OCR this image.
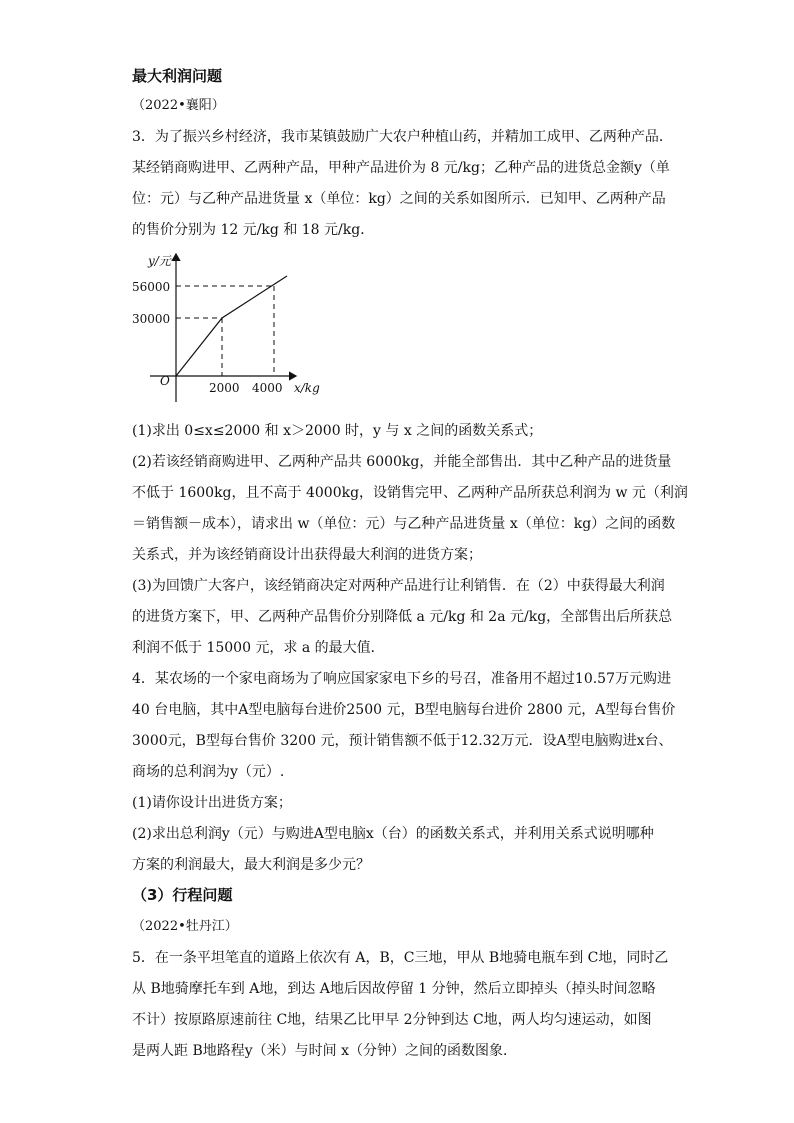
最大利润问题
（2022•襄阳）
3．为了振兴乡村经济，我市某镇鼓励广大农户种植山药，并精加工成甲、乙两种产品．
某经销商购进甲、乙两种产品，甲种产品进价为 8 元/kg；乙种产品的进货总金额y（单
位：元）与乙种产品进货量 x（单位：kg）之间的关系如图所示．已知甲、乙两种产品
的售价分别为 12 元/kg 和 18 元/kg．
y/元
56000
30000
O	2000 4000 x/kg
(1)求出 0≤x≤2000 和 x＞2000 时，y 与 x 之间的函数关系式；
(2)若该经销商购进甲、乙两种产品共 6000kg，并能全部售出．其中乙种产品的进货量
不低于 1600kg，且不高于 4000kg，设销售完甲、乙两种产品所获总利润为 w 元（利润
＝销售额－成本），请求出 w（单位：元）与乙种产品进货量 x（单位：kg）之间的函数
关系式，并为该经销商设计出获得最大利润的进货方案；
(3)为回馈广大客户，该经销商决定对两种产品进行让利销售．在（2）中获得最大利润
的进货方案下，甲、乙两种产品售价分别降低 a 元/kg 和 2a 元/kg，全部售出后所获总
利润不低于 15000 元，求 a 的最大值．
4．某农场的一个家电商场为了响应国家家电下乡的号召，准备用不超过10.57万元购进
40 台电脑，其中A型电脑每台进价2500 元，B型电脑每台进价 2800 元，A型每台售价
3000元，B型每台售价 3200 元，预计销售额不低于12.32万元．设A型电脑购进x台、
商场的总利润为y（元）.
(1)请你设计出进货方案；
(2)求出总利润y（元）与购进A型电脑x（台）的函数关系式，并利用关系式说明哪种
方案的利润最大，最大利润是多少元？
（3）行程问题
（2022•牡丹江）
5．在一条平坦笔直的道路上依次有 A，B，C三地，甲从 B地骑电瓶车到 C地，同时乙
从 B地骑摩托车到 A地，到达 A地后因故停留 1 分钟，然后立即掉头（掉头时间忽略
不计）按原路原速前往 C地，结果乙比甲早 2分钟到达 C地，两人均匀速运动，如图
是两人距 B地路程y（米）与时间 x（分钟）之间的函数图象．
